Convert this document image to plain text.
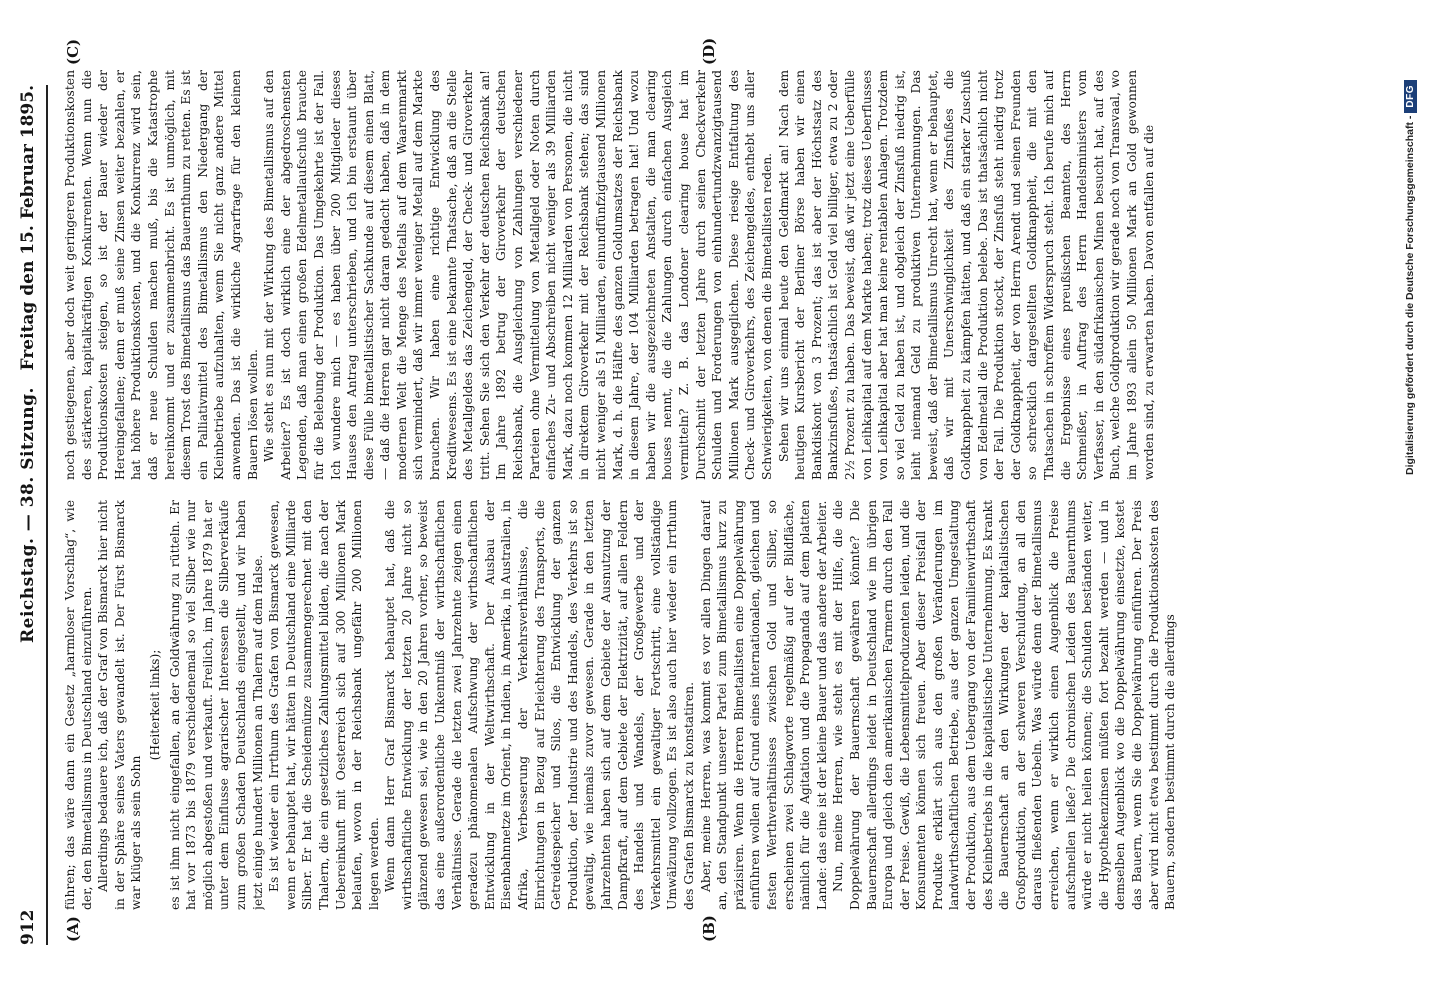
912
Reichstag. — 38. Sitzung.
Freitag den 15. Februar 1895.
(A)	(B)
(C)	(D)

führen; das wäre dann ein Gesetz „harmloser Vorschlag“, wie der, den Bimetallismus in Deutschland einzuführen. Allerdings bedauere ich, daß der Graf von Bismarck hier nicht in der Sphäre seines Vaters gewandelt ist. Der Fürst Bismarck war klüger als sein Sohn

(Heiterkeit links); es ist ihm nicht eingefallen, an der Goldwährung zu rütteln. Er hat vor 1873 bis 1879 verschiedenemal so viel Silber wie nur möglich abgestoßen und verkauft. Freilich, im Jahre 1879 hat er unter dem Einflusse agrarischer Interessen die Silberverkäufe zum großen Schaden Deutschlands eingestellt, und wir haben jetzt einige hundert Millionen an Thalern auf dem Halse. Es ist wieder ein Irrthum des Grafen von Bismarck gewesen, wenn er behauptet hat, wir hätten in Deutschland eine Milliarde Silber. Er hat die Scheidemünze zusammengerechnet mit den Thalern, die ein gesetzliches Zahlungsmittel bilden, die nach der Uebereinkunft mit Oesterreich sich auf 300 Millionen Mark belaufen, wovon in der Reichsbank ungefähr 200 Millionen liegen werden. Wenn dann Herr Graf Bismarck behauptet hat, daß die wirthschaftliche Entwicklung der letzten 20 Jahre nicht so glänzend gewesen sei, wie in den 20 Jahren vorher, so beweist das eine außerordentliche Unkenntniß der wirthschaftlichen Verhältnisse. Gerade die letzten zwei Jahrzehnte zeigen einen geradezu phänomenalen Aufschwung der wirthschaftlichen Entwicklung in der Weltwirthschaft. Der Ausbau der Eisenbahnnetze im Orient, in Indien, in Amerika, in Australien, in Afrika, Verbesserung der Verkehrsverhältnisse, die Einrichtungen in Bezug auf Erleichterung des Transports, die Getreidespeicher und Silos, die Entwicklung der ganzen Produktion, der Industrie und des Handels, des Verkehrs ist so gewaltig, wie niemals zuvor gewesen. Gerade in den letzten Jahrzehnten haben sich auf dem Gebiete der Ausnutzung der Dampfkraft, auf dem Gebiete der Elektrizität, auf allen Feldern des Handels und Wandels, der Großgewerbe und der Verkehrsmittel ein gewaltiger Fortschritt, eine vollständige Umwälzung vollzogen. Es ist also auch hier wieder ein Irrthum des Grafen Bismarck zu konstatiren. Aber, meine Herren, was kommt es vor allen Dingen darauf an, den Standpunkt unserer Partei zum Bimetallismus kurz zu präzisiren. Wenn die Herren Bimetallisten eine Doppelwährung einführen wollen auf Grund eines internationalen, gleichen und festen Werthverhältnisses zwischen Gold und Silber, so erscheinen zwei Schlagworte regelmäßig auf der Bildfläche, nämlich für die Agitation und die Propaganda auf dem platten Lande: das eine ist der kleine Bauer und das andere der Arbeiter. Nun, meine Herren, wie steht es mit der Hilfe, die die Doppelwährung der Bauernschaft gewähren könnte? Die Bauernschaft allerdings leidet in Deutschland wie im übrigen Europa und gleich den amerikanischen Farmern durch den Fall der Preise. Gewiß, die Lebensmittelproduzenten leiden, und die Konsumenten können sich freuen. Aber dieser Preisfall der Produkte erklärt sich aus den großen Veränderungen im landwirthschaftlichen Betriebe, aus der ganzen Umgestaltung der Produktion, aus dem Uebergang von der Familienwirthschaft des Kleinbetriebs in die kapitalistische Unternehmung. Es krankt die Bauernschaft an den Wirkungen der kapitalistischen Großproduktion, an der schweren Verschuldung, an all den daraus fließenden Uebeln. Was würde denn der Bimetallismus erreichen, wenn er wirklich einen Augenblick die Preise aufschnellen ließe? Die chronischen Leiden des Bauernthums würde er nicht heilen können; die Schulden beständen weiter, die Hypothekenzinsen müßten fort bezahlt werden — und in demselben Augenblick wo die Doppelwährung einsetzte, kostet das Bauern, wenn Sie die Doppelwährung einführen. Der Preis aber wird nicht etwa bestimmt durch die Produktionskosten des Bauern, sondern bestimmt durch die allerdings

noch gestiegenen, aber doch weit geringeren Produktionskosten des stärkeren, kapitalkräftigen Konkurrenten. Wenn nun die Produktionskosten steigen, so ist der Bauer wieder der Hereingefallene; denn er muß seine Zinsen weiter bezahlen, er hat höhere Produktionskosten, und die Konkurrenz wird sein, daß er neue Schulden machen muß, bis die Katastrophe hereinkommt und er zusammenbricht. Es ist unmöglich, mit diesem Trost des Bimetallismus das Bauernthum zu retten. Es ist ein Palliativmittel des Bimetallismus den Niedergang der Kleinbetriebe aufzuhalten, wenn Sie nicht ganz andere Mittel anwenden. Das ist die wirkliche Agrarfrage für den kleinen Bauern lösen wollen. Wie steht es nun mit der Wirkung des Bimetallismus auf den Arbeiter? Es ist doch wirklich eine der abgedroschensten Legenden, daß man einen großen Edelmetallaufschuß brauche für die Belebung der Produktion. Das Umgekehrte ist der Fall. Ich wundere mich — es haben über 200 Mitglieder dieses Hauses den Antrag unterschrieben, und ich bin erstaunt über diese Fülle bimetallistischer Sachkunde auf diesem einen Blatt, — daß die Herren gar nicht daran gedacht haben, daß in dem modernen Welt die Menge des Metalls auf dem Waarenmarkt sich vermindert, daß wir immer weniger Metall auf dem Markte brauchen. Wir haben eine richtige Entwicklung des Kreditwesens. Es ist eine bekannte Thatsache, daß an die Stelle des Metallgeldes das Zeichengeld, der Check- und Giroverkehr tritt. Sehen Sie sich den Verkehr der deutschen Reichsbank an! Im Jahre 1892 betrug der Giroverkehr der deutschen Reichsbank, die Ausgleichung von Zahlungen verschiedener Parteien ohne Vermittelung von Metallgeld oder Noten durch einfaches Zu- und Abschreiben nicht weniger als 39 Milliarden Mark, dazu noch kommen 12 Milliarden von Personen, die nicht in direktem Giroverkehr mit der Reichsbank stehen; das sind nicht weniger als 51 Milliarden, einundfünfzigtausend Millionen Mark, d. h. die Hälfte des ganzen Goldumsatzes der Reichsbank in diesem Jahre, der 104 Milliarden betragen hat! Und wozu haben wir die ausgezeichneten Anstalten, die man clearing houses nennt, die die Zahlungen durch einfachen Ausgleich vermitteln? Z. B. das Londoner clearing house hat im Durchschnitt der letzten Jahre durch seinen Checkverkehr Schulden und Forderungen von einhundertundzwanzigtausend Millionen Mark ausgeglichen. Diese riesige Entfaltung des Check- und Giroverkehrs, des Zeichengeldes, enthebt uns aller Schwierigkeiten, von denen die Bimetallisten reden. Sehen wir uns einmal heute den Geldmarkt an! Nach dem heutigen Kursbericht der Berliner Börse haben wir einen Bankdiskont von 3 Prozent; das ist aber der Höchstsatz des Bankzinsfußes, thatsächlich ist Geld viel billiger, etwa zu 2 oder 2½ Prozent zu haben. Das beweist, daß wir jetzt eine Ueberfülle von Leihkapital auf dem Markte haben; trotz dieses Ueberflusses von Leihkapital aber hat man keine rentablen Anlagen. Trotzdem so viel Geld zu haben ist, und obgleich der Zinsfuß niedrig ist, leiht niemand Geld zu produktiven Unternehmungen. Das beweist, daß der Bimetallismus Unrecht hat, wenn er behauptet, daß wir mit Unerschwinglichkeit des Zinsfußes die Goldknappheit zu kämpfen hätten, und daß ein starker Zuschuß von Edelmetall die Produktion belebe. Das ist thatsächlich nicht der Fall. Die Produktion stockt, der Zinsfuß steht niedrig trotz der Goldknappheit, der von Herrn Arendt und seinen Freunden so schrecklich dargestellten Goldknappheit, die mit den Thatsachen in schroffem Widerspruch steht. Ich berufe mich auf die Ergebnisse eines preußischen Beamten, des Herrn Schmeißer, in Auftrag des Herrn Handelsministers vom Verfasser, in den südafrikanischen Minen besucht hat, auf des Buch, welche Goldproduktion wir gerade noch von Transvaal, wo im Jahre 1893 allein 50 Millionen Mark an Gold gewonnen worden sind, zu erwarten haben. Davon entfallen auf die	Digitalisierung gefördert durch die Deutsche Forschungsgemeinschaft -DFG
